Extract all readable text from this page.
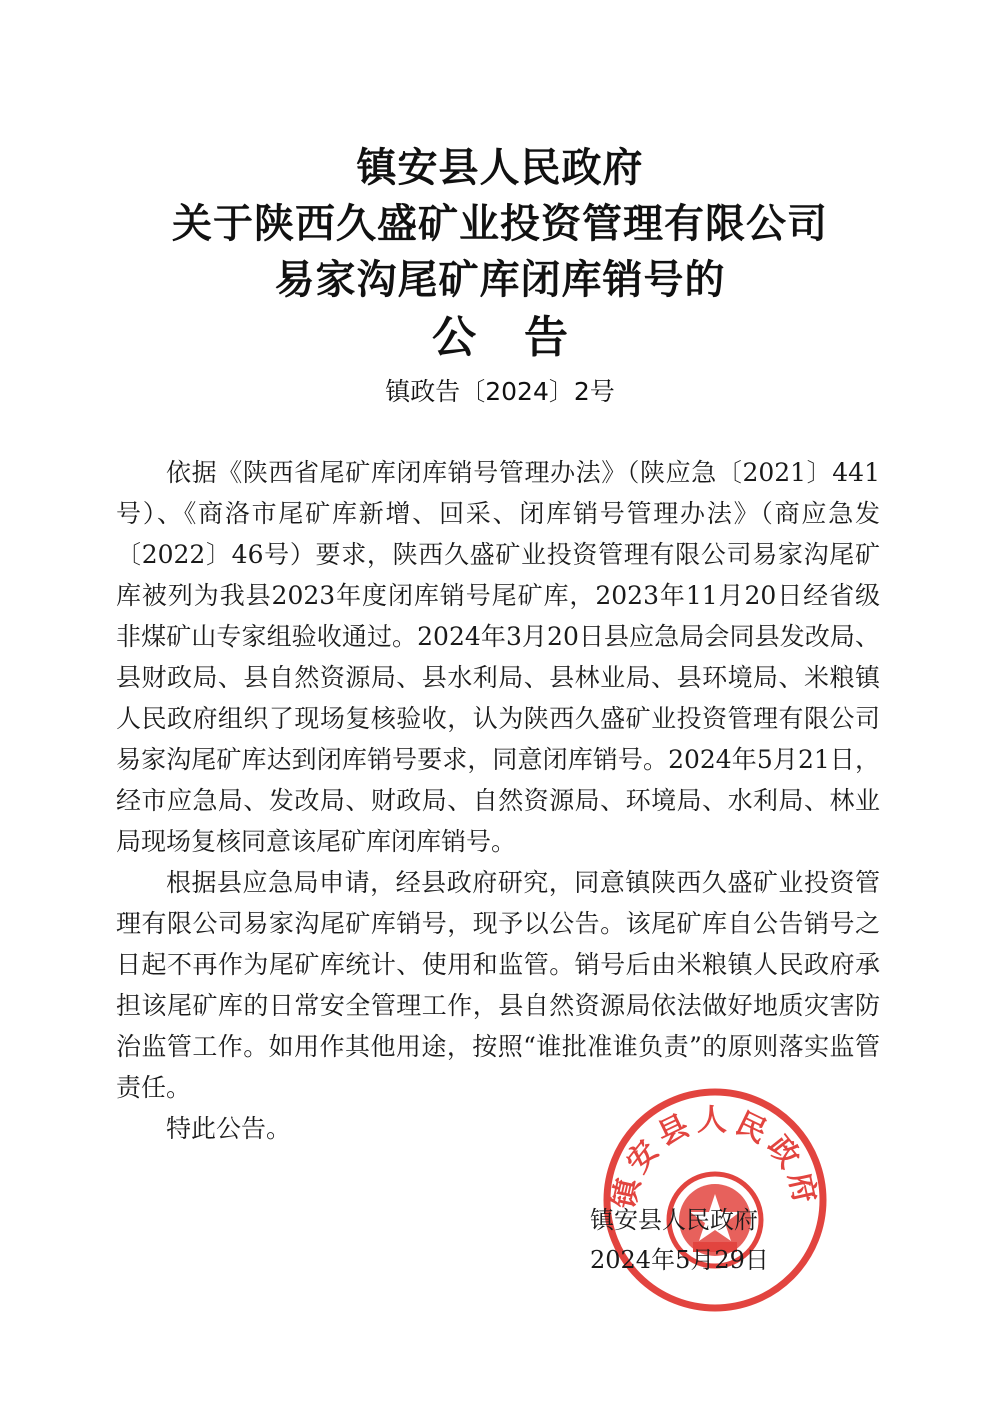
镇安县人民政府
关于陕西久盛矿业投资管理有限公司
易家沟尾矿库闭库销号的
公告
镇政告〔2024〕2号

依据《陕西省尾矿库闭库销号管理办法》（陕应急〔2021〕441号）、《商洛市尾矿库新增、回采、闭库销号管理办法》（商应急发〔2022〕46号）要求，陕西久盛矿业投资管理有限公司易家沟尾矿库被列为我县2023年度闭库销号尾矿库，2023年11月20日经省级非煤矿山专家组验收通过。2024年3月20日县应急局会同县发改局、县财政局、县自然资源局、县水利局、县林业局、县环境局、米粮镇人民政府组织了现场复核验收，认为陕西久盛矿业投资管理有限公司易家沟尾矿库达到闭库销号要求，同意闭库销号。2024年5月21日，经市应急局、发改局、财政局、自然资源局、环境局、水利局、林业局现场复核同意该尾矿库闭库销号。

根据县应急局申请，经县政府研究，同意镇陕西久盛矿业投资管理有限公司易家沟尾矿库销号，现予以公告。该尾矿库自公告销号之日起不再作为尾矿库统计、使用和监管。销号后由米粮镇人民政府承担该尾矿库的日常安全管理工作，县自然资源局依法做好地质灾害防治监管工作。如用作其他用途，按照“谁批准谁负责”的原则落实监管责任。

特此公告。

镇安县人民政府
镇安县人民政府
2024年5月29日
